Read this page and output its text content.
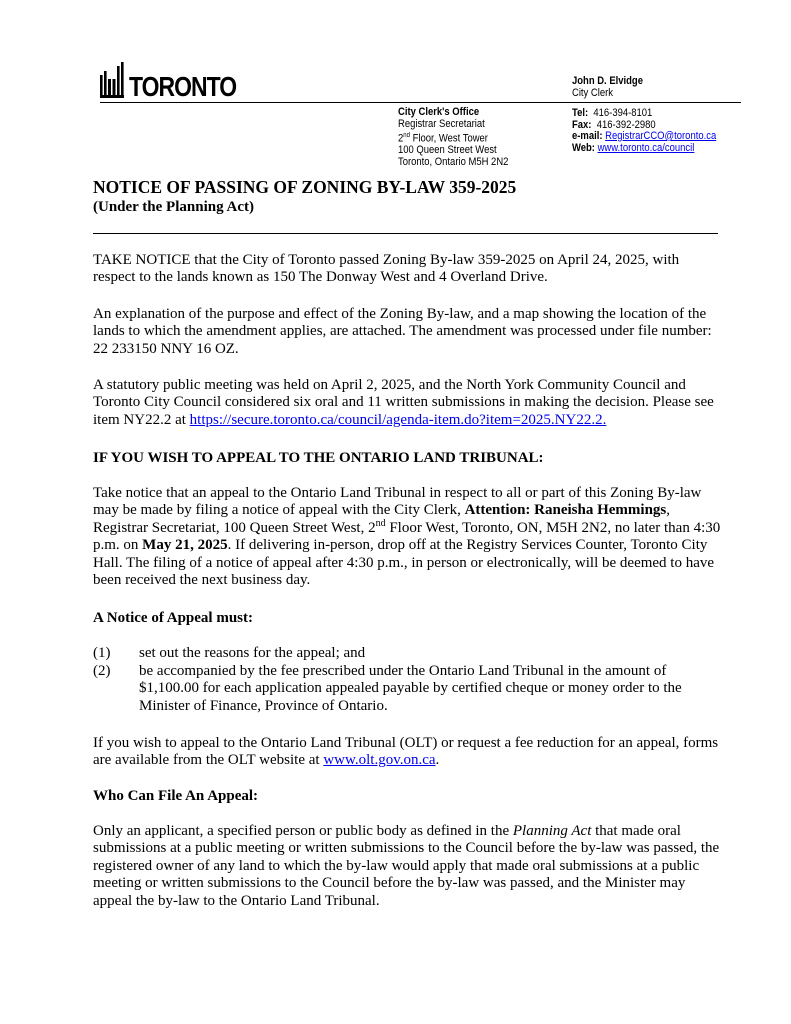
TORONTO	John D. Elvidge
City Clerk
City Clerk's Office
Registrar Secretariat
2nd Floor, West Tower
100 Queen Street West
Toronto, Ontario M5H 2N2
Tel: 416-394-8101
Fax: 416-392-2980
e-mail: RegistrarCCO@toronto.ca
Web: www.toronto.ca/council
NOTICE OF PASSING OF ZONING BY-LAW 359-2025
(Under the Planning Act)

TAKE NOTICE that the City of Toronto passed Zoning By-law 359-2025 on April 24, 2025, with respect to the lands known as 150 The Donway West and 4 Overland Drive.

An explanation of the purpose and effect of the Zoning By-law, and a map showing the location of the lands to which the amendment applies, are attached. The amendment was processed under file number: 22 233150 NNY 16 OZ.

A statutory public meeting was held on April 2, 2025, and the North York Community Council and Toronto City Council considered six oral and 11 written submissions in making the decision. Please see item NY22.2 at https://secure.toronto.ca/council/agenda-item.do?item=2025.NY22.2.

IF YOU WISH TO APPEAL TO THE ONTARIO LAND TRIBUNAL:

Take notice that an appeal to the Ontario Land Tribunal in respect to all or part of this Zoning By-law may be made by filing a notice of appeal with the City Clerk, Attention: Raneisha Hemmings, Registrar Secretariat, 100 Queen Street West, 2nd Floor West, Toronto, ON, M5H 2N2, no later than 4:30 p.m. on May 21, 2025. If delivering in-person, drop off at the Registry Services Counter, Toronto City Hall. The filing of a notice of appeal after 4:30 p.m., in person or electronically, will be deemed to have been received the next business day.

A Notice of Appeal must:
(1) set out the reasons for the appeal; and
(2) be accompanied by the fee prescribed under the Ontario Land Tribunal in the amount of $1,100.00 for each application appealed payable by certified cheque or money order to the Minister of Finance, Province of Ontario.

If you wish to appeal to the Ontario Land Tribunal (OLT) or request a fee reduction for an appeal, forms are available from the OLT website at www.olt.gov.on.ca.

Who Can File An Appeal:

Only an applicant, a specified person or public body as defined in the Planning Act that made oral submissions at a public meeting or written submissions to the Council before the by-law was passed, the registered owner of any land to which the by-law would apply that made oral submissions at a public meeting or written submissions to the Council before the by-law was passed, and the Minister may appeal the by-law to the Ontario Land Tribunal.
